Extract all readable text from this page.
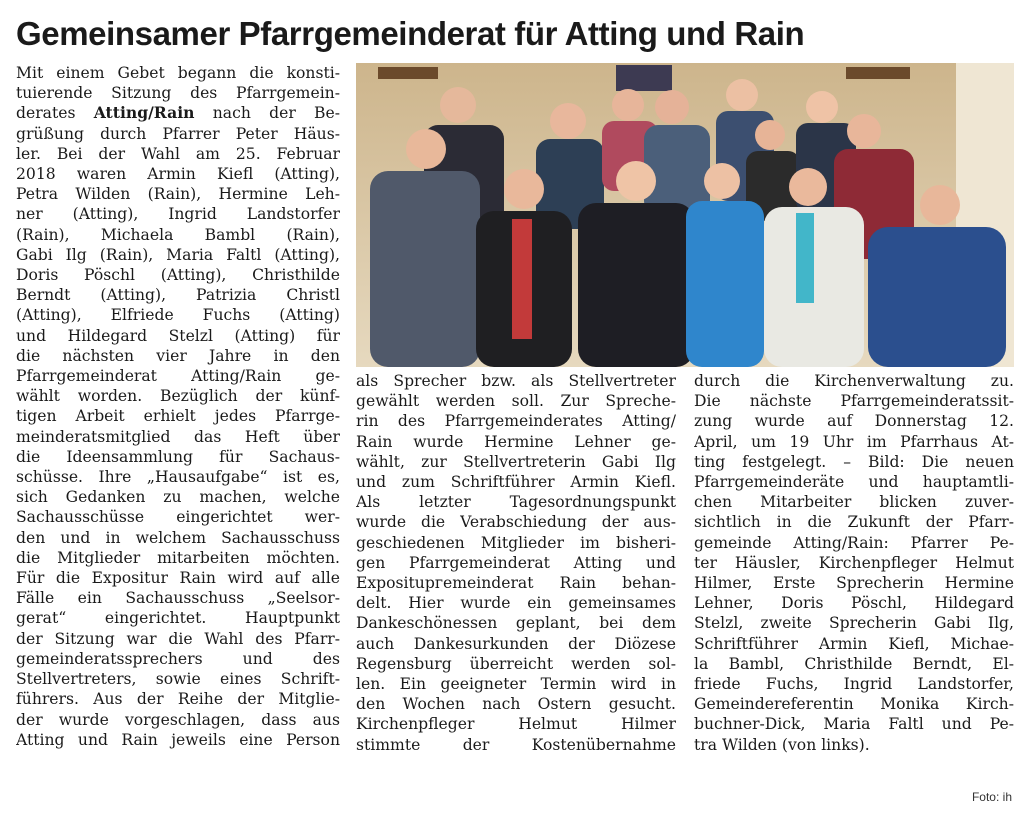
Gemeinsamer Pfarrgemeinderat für Atting und Rain
Mit einem Gebet begann die konsti-
tuierende Sitzung des Pfarrgemein-
derates Atting/Rain nach der Be-
grüßung durch Pfarrer Peter Häus-
ler. Bei der Wahl am 25. Februar
2018 waren Armin Kiefl (Atting),
Petra Wilden (Rain), Hermine Leh-
ner (Atting), Ingrid Landstorfer
(Rain), Michaela Bambl (Rain),
Gabi Ilg (Rain), Maria Faltl (Atting),
Doris Pöschl (Atting), Christhilde
Berndt (Atting), Patrizia Christl
(Atting), Elfriede Fuchs (Atting)
und Hildegard Stelzl (Atting) für
die nächsten vier Jahre in den
Pfarrgemeinderat Atting/Rain ge-
wählt worden. Bezüglich der künf-
tigen Arbeit erhielt jedes Pfarrge-
meinderatsmitglied das Heft über
die Ideensammlung für Sachaus-
schüsse. Ihre „Hausaufgabe“ ist es,
sich Gedanken zu machen, welche
Sachausschüsse eingerichtet wer-
den und in welchem Sachausschuss
die Mitglieder mitarbeiten möchten.
Für die Expositur Rain wird auf alle
Fälle ein Sachausschuss „Seelsor-
gerat“ eingerichtet. Hauptpunkt
der Sitzung war die Wahl des Pfarr-
gemeinderatssprechers und des
Stellvertreters, sowie eines Schrift-
führers. Aus der Reihe der Mitglie-
der wurde vorgeschlagen, dass aus
Atting und Rain jeweils eine Person
als Sprecher bzw. als Stellvertreter
gewählt werden soll. Zur Spreche-
rin des Pfarrgemeinderates Atting/
Rain wurde Hermine Lehner ge-
wählt, zur Stellvertreterin Gabi Ilg
und zum Schriftführer Armin Kiefl.
Als letzter Tagesordnungspunkt
wurde die Verabschiedung der aus-
geschiedenen Mitglieder im bisheri-
gen Pfarrgemeinderat Atting und
Exposituргemeinderat Rain behan-
delt. Hier wurde ein gemeinsames
Dankeschönessen geplant, bei dem
auch Dankesurkunden der Diözese
Regensburg überreicht werden sol-
len. Ein geeigneter Termin wird in
den Wochen nach Ostern gesucht.
Kirchenpfleger Helmut Hilmer
stimmte der Kostenübernahme
durch die Kirchenverwaltung zu.
Die nächste Pfarrgemeinderatssit-
zung wurde auf Donnerstag 12.
April, um 19 Uhr im Pfarrhaus At-
ting festgelegt. – Bild: Die neuen
Pfarrgemeinderäte und hauptamtli-
chen Mitarbeiter blicken zuver-
sichtlich in die Zukunft der Pfarr-
gemeinde Atting/Rain: Pfarrer Pe-
ter Häusler, Kirchenpfleger Helmut
Hilmer, Erste Sprecherin Hermine
Lehner, Doris Pöschl, Hildegard
Stelzl, zweite Sprecherin Gabi Ilg,
Schriftführer Armin Kiefl, Michae-
la Bambl, Christhilde Berndt, El-
friede Fuchs, Ingrid Landstorfer,
Gemeindereferentin Monika Kirch-
buchner-Dick, Maria Faltl und Pe-
tra Wilden (von links).
Foto: ih
